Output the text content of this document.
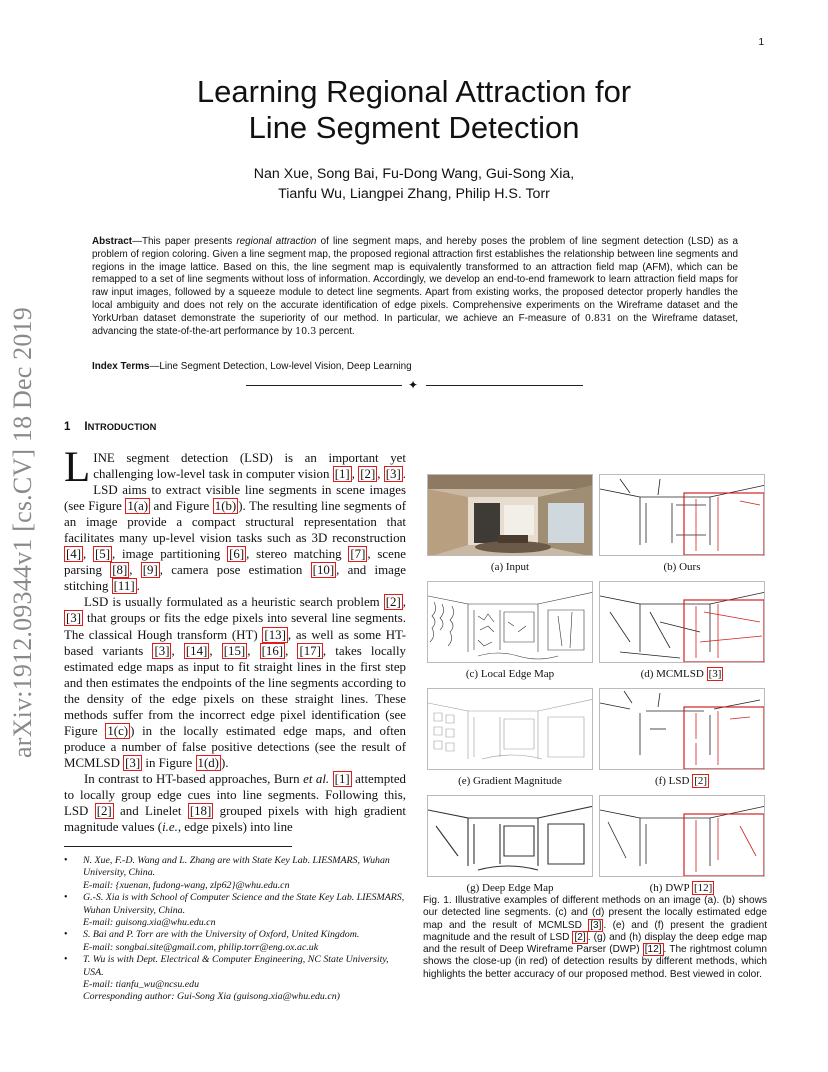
1
arXiv:1912.09344v1 [cs.CV] 18 Dec 2019
Learning Regional Attraction for
Line Segment Detection
Nan Xue, Song Bai, Fu-Dong Wang, Gui-Song Xia,
Tianfu Wu, Liangpei Zhang, Philip H.S. Torr
Abstract—This paper presents regional attraction of line segment maps, and hereby poses the problem of line segment detection (LSD) as a problem of region coloring. Given a line segment map, the proposed regional attraction first establishes the relationship between line segments and regions in the image lattice. Based on this, the line segment map is equivalently transformed to an attraction field map (AFM), which can be remapped to a set of line segments without loss of information. Accordingly, we develop an end-to-end framework to learn attraction field maps for raw input images, followed by a squeeze module to detect line segments. Apart from existing works, the proposed detector properly handles the local ambiguity and does not rely on the accurate identification of edge pixels. Comprehensive experiments on the Wireframe dataset and the YorkUrban dataset demonstrate the superiority of our method. In particular, we achieve an F-measure of 0.831 on the Wireframe dataset, advancing the state-of-the-art performance by 10.3 percent.
Index Terms—Line Segment Detection, Low-level Vision, Deep Learning
✦
1 INTRODUCTION

LINE segment detection (LSD) is an important yet challenging low-level task in computer vision [1] , [2] , [3] . LSD aims to extract visible line segments in scene images (see Figure 1(a) and Figure 1(b) ). The resulting line segments of an image provide a compact structural representation that facilitates many up-level vision tasks such as 3D reconstruction [4] , [5] , image partitioning [6] , stereo matching [7] , scene parsing [8] , [9] , camera pose estimation [10] , and image stitching [11] .

LSD is usually formulated as a heuristic search problem [2] , [3] that groups or fits the edge pixels into several line segments. The classical Hough transform (HT) [13] , as well as some HT-based variants [3] , [14] , [15] , [16] , [17] , takes locally estimated edge maps as input to fit straight lines in the first step and then estimates the endpoints of the line segments according to the density of the edge pixels on these straight lines. These methods suffer from the incorrect edge pixel identification (see Figure 1(c) ) in the locally estimated edge maps, and often produce a number of false positive detections (see the result of MCMLSD [3] in Figure 1(d) ).

In contrast to HT-based approaches, Burn et al. [1] attempted to locally group edge cues into line segments. Following this, LSD [2] and Linelet [18] grouped pixels with high gradient magnitude values (i.e., edge pixels) into line

• N. Xue, F.-D. Wang and L. Zhang are with State Key Lab. LIESMARS, Wuhan University, China.
E-mail: {xuenan, fudong-wang, zlp62}@whu.edu.cn
• G.-S. Xia is with School of Computer Science and the State Key Lab. LIESMARS, Wuhan University, China.
E-mail: guisong.xia@whu.edu.cn
• S. Bai and P. Torr are with the University of Oxford, United Kingdom.
E-mail: songbai.site@gmail.com, philip.torr@eng.ox.ac.uk
• T. Wu is with Dept. Electrical & Computer Engineering, NC State University, USA.
E-mail: tianfu_wu@ncsu.edu
Corresponding author: Gui-Song Xia (guisong.xia@whu.edu.cn)
(a) Input	(b) Ours
(c) Local Edge Map	(d) MCMLSD [3]
(e) Gradient Magnitude	(f) LSD [2]
(g) Deep Edge Map	(h) DWP [12]
Fig. 1. Illustrative examples of different methods on an image (a). (b) shows our detected line segments. (c) and (d) present the locally estimated edge map and the result of MCMLSD [3] . (e) and (f) present the gradient magnitude and the result of LSD [2] . (g) and (h) display the deep edge map and the result of Deep Wireframe Parser (DWP) [12] . The rightmost column shows the close-up (in red) of detection results by different methods, which highlights the better accuracy of our proposed method. Best viewed in color.
